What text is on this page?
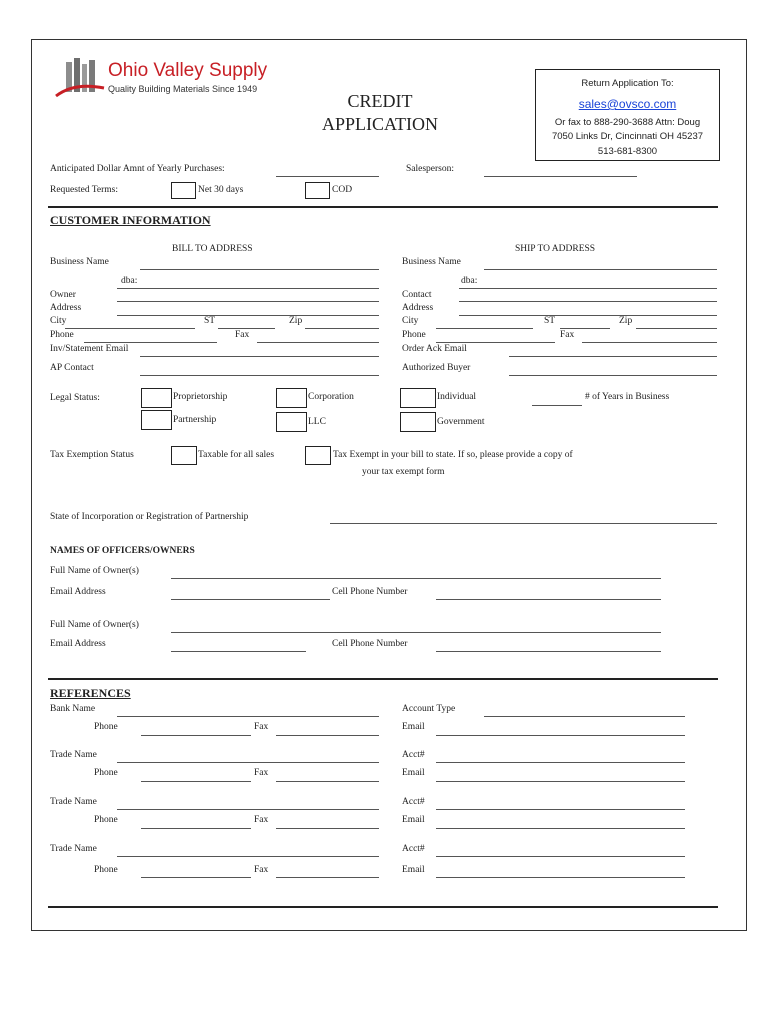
Ohio Valley Supply
Quality Building Materials Since 1949
CREDIT
APPLICATION
Return Application To:
sales@ovsco.com
Or fax to 888-290-3688 Attn: Doug
7050 Links Dr, Cincinnati OH 45237
513-681-8300
Anticipated Dollar Amnt of Yearly Purchases:	Salesperson:
Requested Terms:	Net 30 days	COD
CUSTOMER INFORMATION
BILL TO ADDRESS	SHIP TO ADDRESS
Business Name
dba:
Owner
Address
City	ST	Zip
Phone	Fax
Inv/Statement Email
AP Contact
Business Name
dba:
Contact
Address
City	ST	Zip
Phone	Fax
Order Ack Email
Authorized Buyer
Legal Status:	Proprietorship	Corporation	Individual	# of Years in Business
Partnership	LLC	Government
Tax Exemption Status	Taxable for all sales	Tax Exempt in your bill to state. If so, please provide a copy of
your tax exempt form
State of Incorporation or Registration of Partnership
NAMES OF OFFICERS/OWNERS
Full Name of Owner(s)
Email Address	Cell Phone Number
Full Name of Owner(s)
Email Address	Cell Phone Number
REFERENCES
Bank Name	Account Type
Phone	Fax	Email
Trade Name	Acct#
Phone	Fax	Email
Trade Name	Acct#
Phone	Fax	Email
Trade Name	Acct#
Phone	Fax	Email
